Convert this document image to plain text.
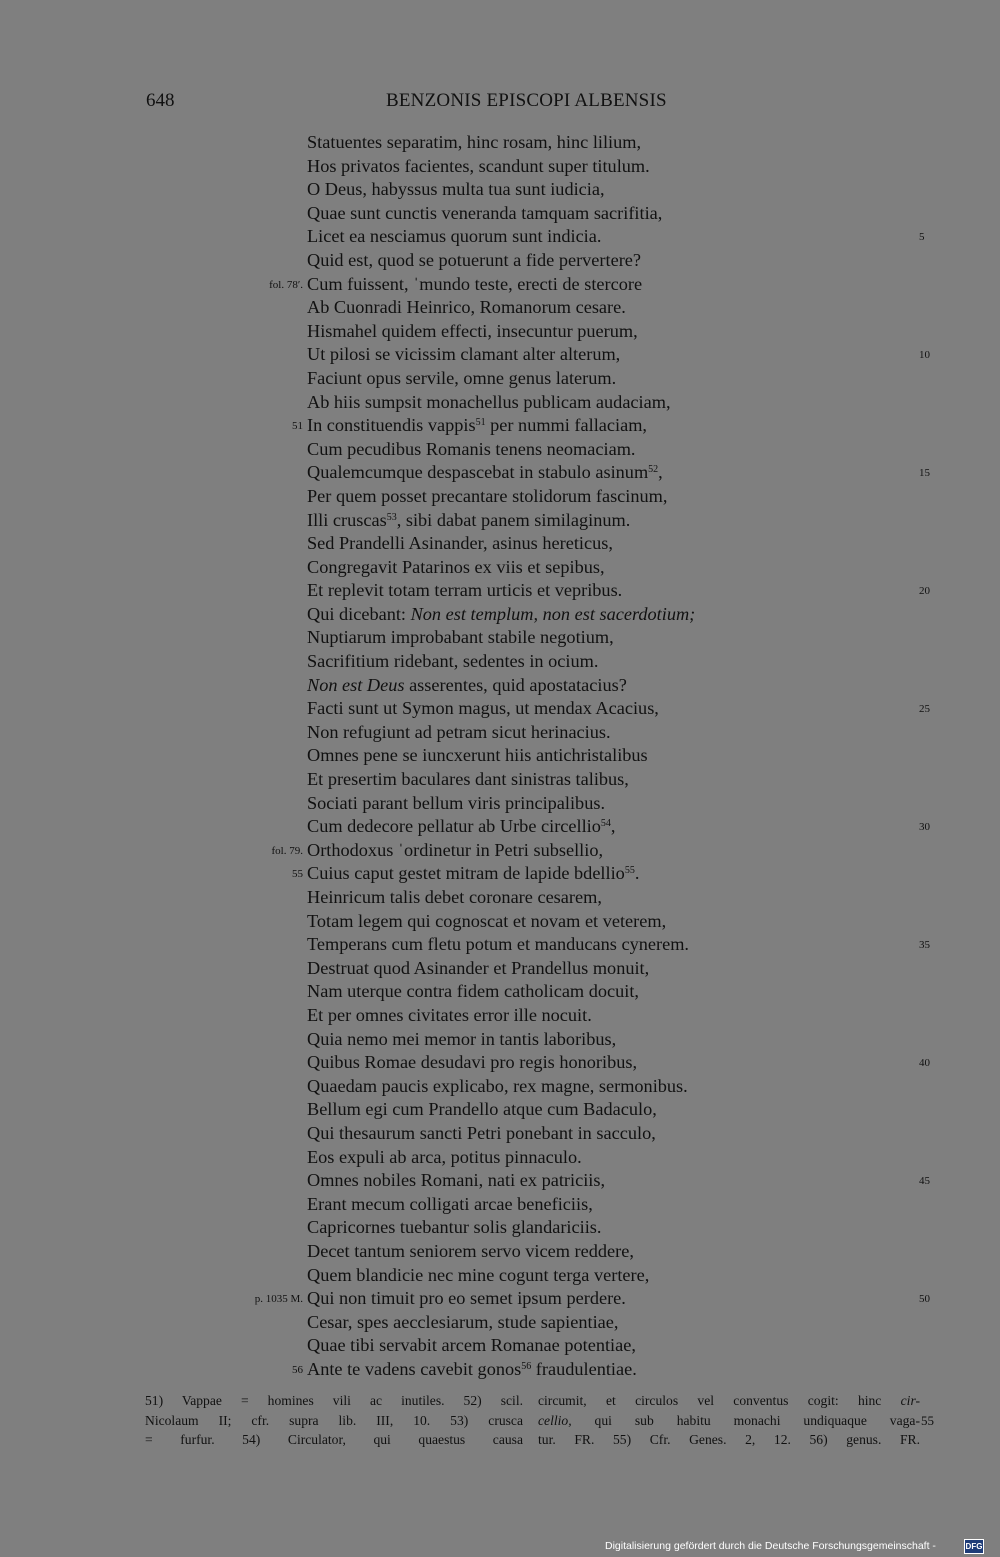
648	BENZONIS EPISCOPI ALBENSIS
Statuentes separatim, hinc rosam, hinc lilium,
Hos privatos facientes, scandunt super titulum.
O Deus, habyssus multa tua sunt iudicia,
Quae sunt cunctis veneranda tamquam sacrifitia,
Licet ea nesciamus quorum sunt indicia.	5
Quid est, quod se potuerunt a fide pervertere?
Cum fuissent, ˈmundo teste, erecti de stercore
fol. 78′.
Ab Cuonradi Heinrico, Romanorum cesare.
Hismahel quidem effecti, insecuntur puerum,
Ut pilosi se vicissim clamant alter alterum,	10
Faciunt opus servile, omne genus laterum.
Ab hiis sumpsit monachellus publicam audaciam,
In constituendis vappis$^{51}$ per nummi fallaciam,
51
Cum pecudibus Romanis tenens neomaciam.
Qualemcumque despascebat in stabulo asinum$^{52}$,	15
Per quem posset precantare stolidorum fascinum,
Illi cruscas$^{53}$, sibi dabat panem similaginum.
Sed Prandelli Asinander, asinus hereticus,
Congregavit Patarinos ex viis et sepibus,
Et replevit totam terram urticis et vepribus.	20
Qui dicebant: Non est templum, non est sacerdotium;
Nuptiarum improbabant stabile negotium,
Sacrifitium ridebant, sedentes in ocium.
Non est Deus asserentes, quid apostatacius?
Facti sunt ut Symon magus, ut mendax Acacius,	25
Non refugiunt ad petram sicut herinacius.
Omnes pene se iuncxerunt hiis antichristalibus
Et presertim baculares dant sinistras talibus,
Sociati parant bellum viris principalibus.
Cum dedecore pellatur ab Urbe circellio$^{54}$,	30
Orthodoxus ˈordinetur in Petri subsellio,
fol. 79.
Cuius caput gestet mitram de lapide bdellio$^{55}$.
55
Heinricum talis debet coronare cesarem,
Totam legem qui cognoscat et novam et veterem,
Temperans cum fletu potum et manducans cynerem.	35
Destruat quod Asinander et Prandellus monuit,
Nam uterque contra fidem catholicam docuit,
Et per omnes civitates error ille nocuit.
Quia nemo mei memor in tantis laboribus,
Quibus Romae desudavi pro regis honoribus,	40
Quaedam paucis explicabo, rex magne, sermonibus.
Bellum egi cum Prandello atque cum Badaculo,
Qui thesaurum sancti Petri ponebant in sacculo,
Eos expuli ab arca, potitus pinnaculo.
Omnes nobiles Romani, nati ex patriciis,	45
Erant mecum colligati arcae beneficiis,
Capricornes tuebantur solis glandariciis.
Decet tantum seniorem servo vicem reddere,
Quem blandicie nec mine cogunt terga vertere,
Qui non timuit pro eo semet ipsum perdere.	50
p. 1035 M.
Cesar, spes aecclesiarum, stude sapientiae,
Quae tibi servabit arcem Romanae potentiae,
Ante te vadens cavebit gonos$^{56}$ fraudulentiae.
56
51) Vappae = homines vili ac inutiles. 52) scil.
Nicolaum II; cfr. supra lib. III, 10. 53) crusca
= furfur. 54) Circulator, qui quaestus causa
circumit, et circulos vel conventus cogit: hinc cir-
cellio, qui sub habitu monachi undiquaque vaga-
tur. FR. 55) Cfr. Genes. 2, 12. 56) genus. FR.
55
Digitalisierung gefördert durch die Deutsche Forschungsgemeinschaft -	DFG
